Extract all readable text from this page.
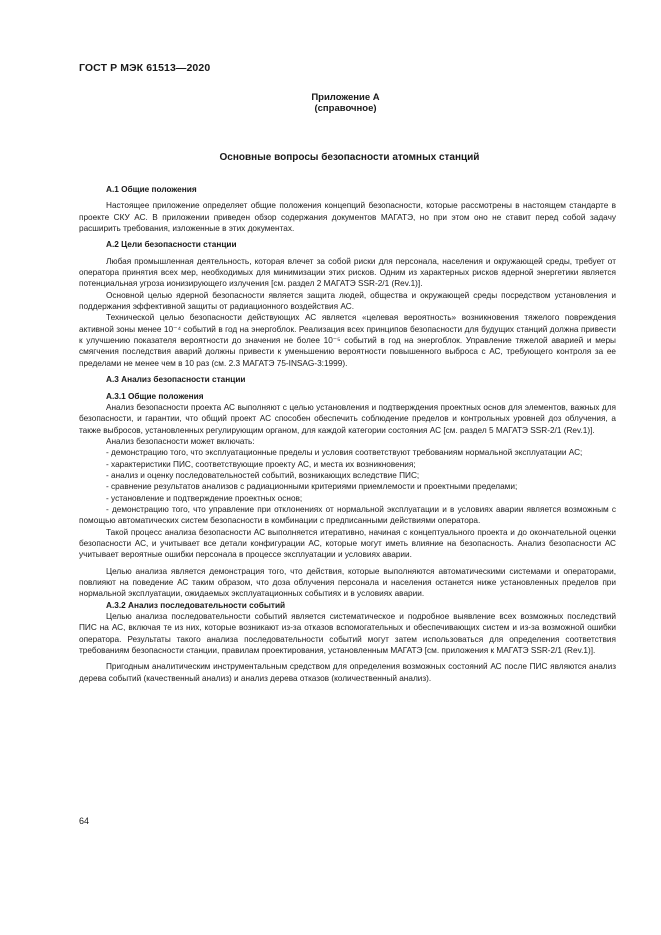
ГОСТ Р МЭК 61513—2020
Приложение А
(справочное)
Основные вопросы безопасности атомных станций

А.1 Общие положения

Настоящее приложение определяет общие положения концепций безопасности, которые рассмотрены в настоящем стандарте в проекте СКУ АС. В приложении приведен обзор содержания документов МАГАТЭ, но при этом оно не ставит перед собой задачу расширить требования, изложенные в этих документах.

А.2 Цели безопасности станции

Любая промышленная деятельность, которая влечет за собой риски для персонала, населения и окружающей среды, требует от оператора принятия всех мер, необходимых для минимизации этих рисков. Одним из характерных рисков ядерной энергетики является потенциальная угроза ионизирующего излучения [см. раздел 2 МАГАТЭ SSR-2/1 (Rev.1)].

Основной целью ядерной безопасности является защита людей, общества и окружающей среды посредством установления и поддержания эффективной защиты от радиационного воздействия АС.

Технической целью безопасности действующих АС является «целевая вероятность» возникновения тяжелого повреждения активной зоны менее 10⁻⁴ событий в год на энергоблок. Реализация всех принципов безопасности для будущих станций должна привести к улучшению показателя вероятности до значения не более 10⁻⁵ событий в год на энергоблок. Управление тяжелой аварией и меры смягчения последствия аварий должны привести к уменьшению вероятности повышенного выброса с АС, требующего контроля за ее пределами не менее чем в 10 раз (см. 2.3 МАГАТЭ 75-INSAG-3:1999).

А.3 Анализ безопасности станции

А.3.1 Общие положения

Анализ безопасности проекта АС выполняют с целью установления и подтверждения проектных основ для элементов, важных для безопасности, и гарантии, что общий проект АС способен обеспечить соблюдение пределов и контрольных уровней доз облучения, а также выбросов, установленных регулирующим органом, для каждой категории состояния АС [см. раздел 5 МАГАТЭ SSR-2/1 (Rev.1)].

Анализ безопасности может включать:

- демонстрацию того, что эксплуатационные пределы и условия соответствуют требованиям нормальной эксплуатации АС;

- характеристики ПИС, соответствующие проекту АС, и места их возникновения;

- анализ и оценку последовательностей событий, возникающих вследствие ПИС;

- сравнение результатов анализов с радиационными критериями приемлемости и проектными пределами;

- установление и подтверждение проектных основ;

- демонстрацию того, что управление при отклонениях от нормальной эксплуатации и в условиях аварии является возможным с помощью автоматических систем безопасности в комбинации с предписанными действиями оператора.

Такой процесс анализа безопасности АС выполняется итеративно, начиная с концептуального проекта и до окончательной оценки безопасности АС, и учитывает все детали конфигурации АС, которые могут иметь влияние на безопасность. Анализ безопасности АС учитывает вероятные ошибки персонала в процессе эксплуатации и условиях аварии.

Целью анализа является демонстрация того, что действия, которые выполняются автоматическими системами и операторами, повлияют на поведение АС таким образом, что доза облучения персонала и населения останется ниже установленных пределов при нормальной эксплуатации, ожидаемых эксплуатационных событиях и в условиях аварии.

А.3.2 Анализ последовательности событий

Целью анализа последовательности событий является систематическое и подробное выявление всех возможных последствий ПИС на АС, включая те из них, которые возникают из-за отказов вспомогательных и обеспечивающих систем и из-за возможной ошибки оператора. Результаты такого анализа последовательности событий могут затем использоваться для определения соответствия требованиям безопасности станции, правилам проектирования, установленным МАГАТЭ [см. приложения к МАГАТЭ SSR-2/1 (Rev.1)].

Пригодным аналитическим инструментальным средством для определения возможных состояний АС после ПИС являются анализ дерева событий (качественный анализ) и анализ дерева отказов (количественный анализ).

64
